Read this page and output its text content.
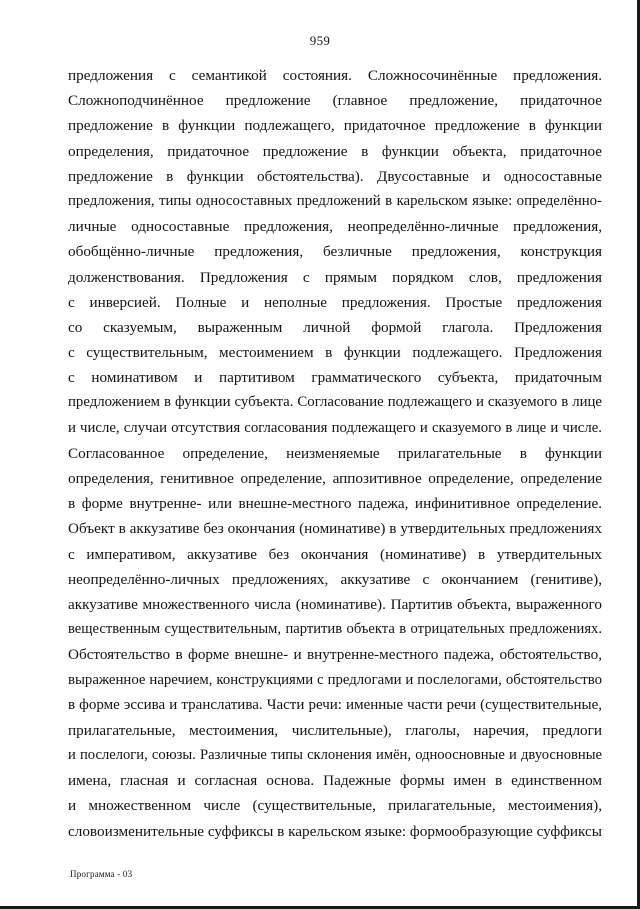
959
предложения с семантикой состояния. Сложносочинённые предложения.
Сложноподчинённое предложение (главное предложение, придаточное
предложение в функции подлежащего, придаточное предложение в функции
определения, придаточное предложение в функции объекта, придаточное
предложение в функции обстоятельства). Двусоставные и односоставные
предложения, типы односоставных предложений в карельском языке: определённо-
личные односоставные предложения, неопределённо-личные предложения,
обобщённо-личные предложения, безличные предложения, конструкция
долженствования. Предложения с прямым порядком слов, предложения
с инверсией. Полные и неполные предложения. Простые предложения
со сказуемым, выраженным личной формой глагола. Предложения
с существительным, местоимением в функции подлежащего. Предложения
с номинативом и партитивом грамматического субъекта, придаточным
предложением в функции субъекта. Согласование подлежащего и сказуемого в лице
и числе, случаи отсутствия согласования подлежащего и сказуемого в лице и числе.
Согласованное определение, неизменяемые прилагательные в функции
определения, генитивное определение, аппозитивное определение, определение
в форме внутренне- или внешне-местного падежа, инфинитивное определение.
Объект в аккузативе без окончания (номинативе) в утвердительных предложениях
с императивом, аккузативе без окончания (номинативе) в утвердительных
неопределённо-личных предложениях, аккузативе с окончанием (генитиве),
аккузативе множественного числа (номинативе). Партитив объекта, выраженного
вещественным существительным, партитив объекта в отрицательных предложениях.
Обстоятельство в форме внешне- и внутренне-местного падежа, обстоятельство,
выраженное наречием, конструкциями с предлогами и послелогами, обстоятельство
в форме эссива и транслатива. Части речи: именные части речи (существительные,
прилагательные, местоимения, числительные), глаголы, наречия, предлоги
и послелоги, союзы. Различные типы склонения имён, одноосновные и двуосновные
имена, гласная и согласная основа. Падежные формы имен в единственном
и множественном числе (существительные, прилагательные, местоимения),
словоизменительные суффиксы в карельском языке: формообразующие суффиксы
Программа - 03
